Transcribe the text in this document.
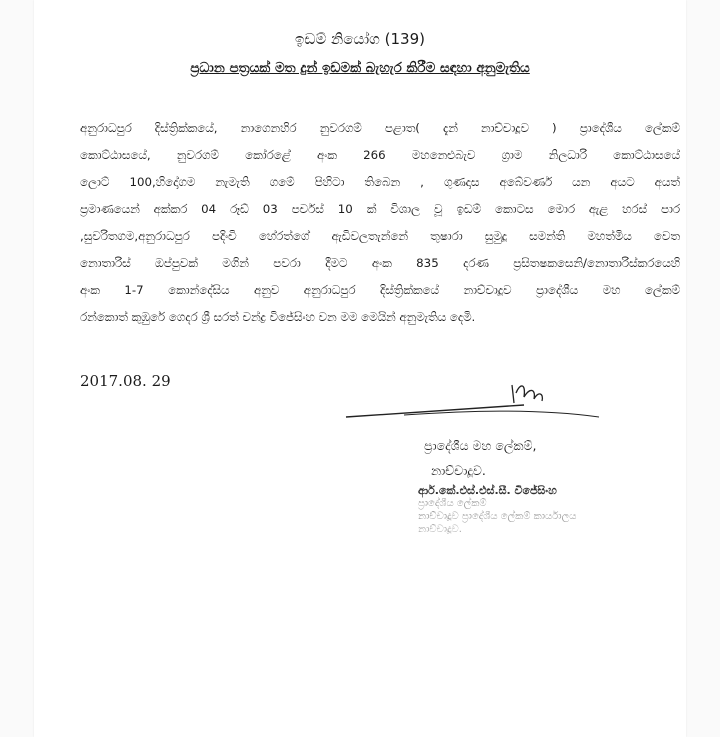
ඉඩම් නියෝග (139)
ප්‍රධාන පත්‍රයක් මත දුන් ඉඩමක් බැහැර කිරීම සඳහා අනුමැතිය
අනුරාධපුර දිස්ත්‍රික්කයේ, නාගෙනහිර නුවරගම් පළාත( දැන් නාච්චාදූව ) ප්‍රාදේශීය ලේකම්
කොට්ඨාසයේ, නුවරගම් කෝරළේ අංක 266 මහනෙළුබැව ග්‍රාම නිලධාරි කොට්ඨාසයේ
ලොට් 100,හිදෝගම නැමැති ගමේ පිහිටා තිබෙන , ගුණදාස අබේවර්ණ යන අයට අයත්
ප්‍රමාණයෙන් අක්කර 04 රූඩ් 03 පර්චස් 10 ක් විශාල වූ ඉඩම් කොටස මොර ඇළ හරස් පාර
,සුවරිතගම,අනුරාධපුර පදිංචි හේරත්ගේ ඇඩිවලතැන්නේ තුෂාරා සුමුදූ සමන්ති මහත්මිය වෙත
නොතාරිස් ඔප්පුවක් මගින් පවරා දීමට අංක 835 දරණ ප්‍රසිතෂකසෙනි/නොතාරිස්කරයෙහි
අංක 1-7 කොන්දේසිය අනුව අනුරාධපුර දිස්ත්‍රික්කයේ නාච්චාදූව ප්‍රාදේශීය මහ ලේකම්
රන්කොත් කුඹුරේ ගෙදර ශ්‍රී සරත් චන්ද්‍ර විජේසිංහ වන මම මෙයින් අනුමැතිය දෙමි.
2017.08. 29
ප්‍රාදේශීය මහ ලේකම්,
නාච්චාදූව.
ආර්.කේ.එස්.එස්.සී. විජේසිංහ
ප්‍රාදේශීය ලේකම්
නාච්චාදූව ප්‍රාදේශීය ලේකම් කාර්යාලය
නාච්චාදූව.
